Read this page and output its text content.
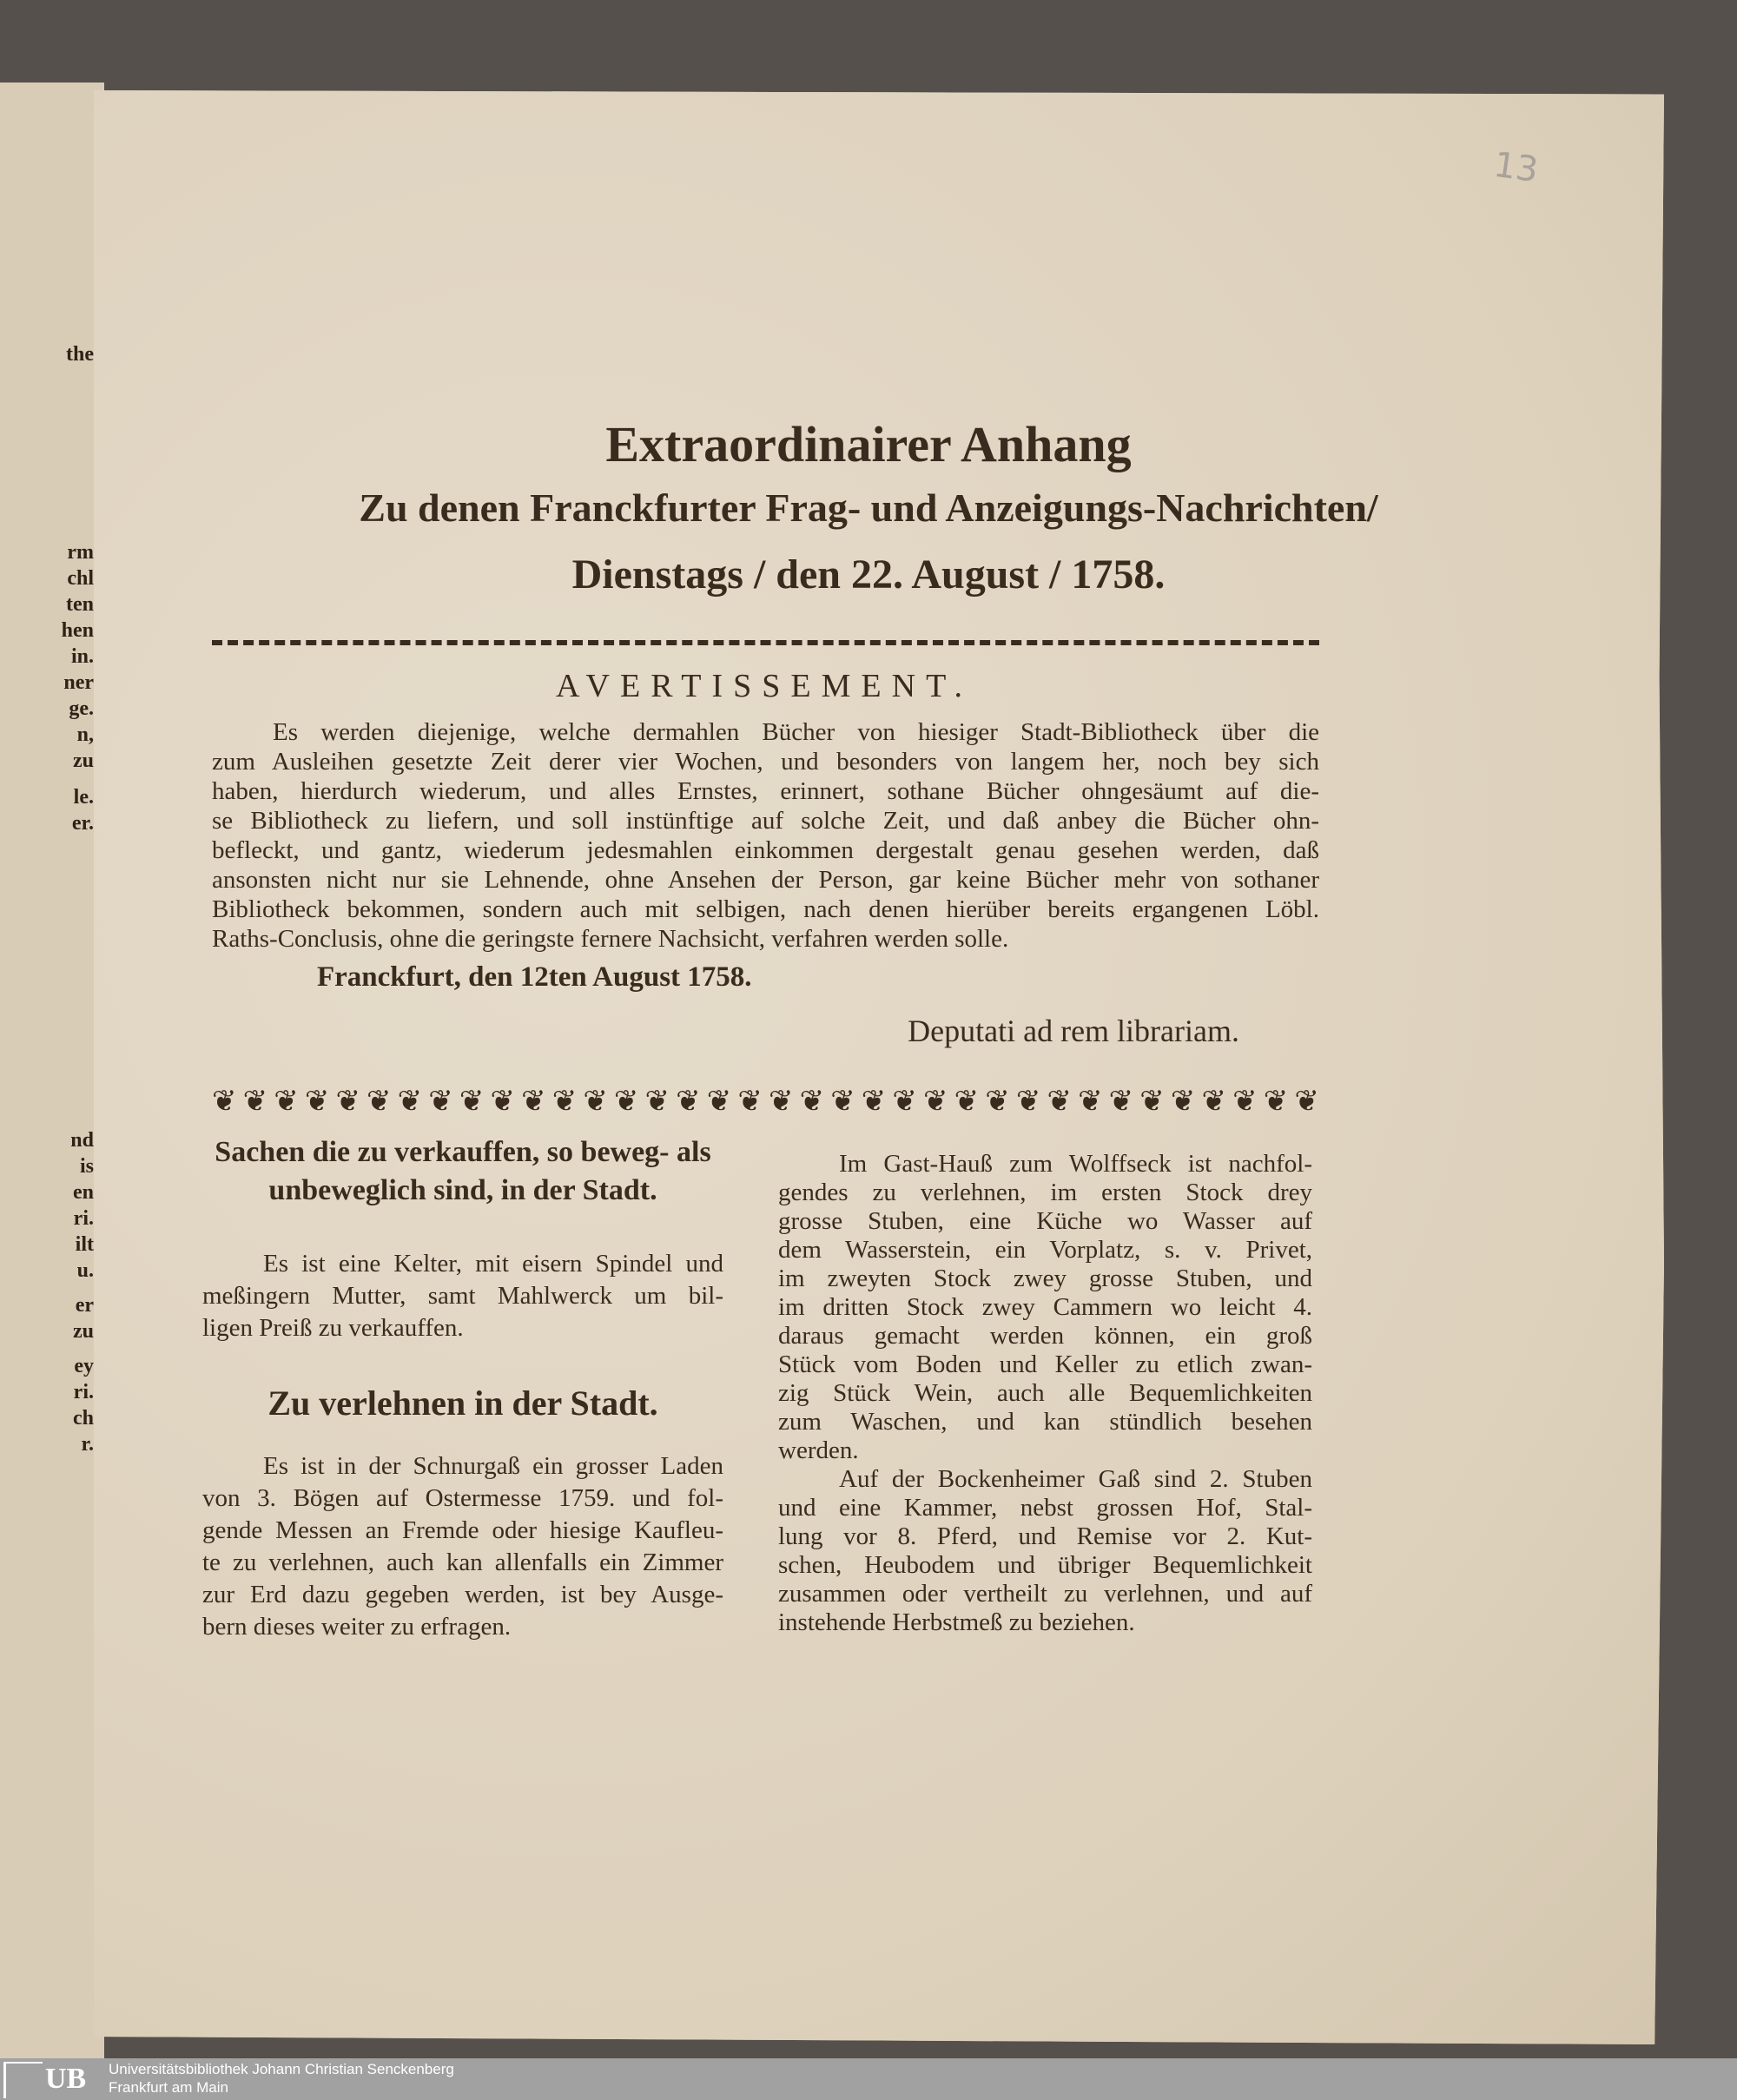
the
rm
chl
ten
hen
in.
ner
ge.
n,
zu
le.
er.
nd
is
en
ri.
ilt
u.
er
zu
ey
ri.
ch
r.
13
Extraordinairer Anhang
Zu denen Franckfurter Frag- und Anzeigungs-Nachrichten/
Dienstags / den 22. August / 1758.
AVERTISSEMENT.
Es werden diejenige, welche dermahlen Bücher von hiesiger Stadt-Bibliotheck über die
zum Ausleihen gesetzte Zeit derer vier Wochen, und besonders von langem her, noch bey sich
haben, hierdurch wiederum, und alles Ernstes, erinnert, sothane Bücher ohngesäumt auf die-
se Bibliotheck zu liefern, und soll instünftige auf solche Zeit, und daß anbey die Bücher ohn-
befleckt, und gantz, wiederum jedesmahlen einkommen dergestalt genau gesehen werden, daß
ansonsten nicht nur sie Lehnende, ohne Ansehen der Person, gar keine Bücher mehr von sothaner
Bibliotheck bekommen, sondern auch mit selbigen, nach denen hierüber bereits ergangenen Löbl.
Raths-Conclusis, ohne die geringste fernere Nachsicht, verfahren werden solle.
Franckfurt, den 12ten August 1758.
Deputati ad rem librariam.
❦ ❦ ❦ ❦ ❦ ❦ ❦ ❦ ❦ ❦ ❦ ❦ ❦ ❦ ❦ ❦ ❦ ❦ ❦ ❦ ❦ ❦ ❦ ❦ ❦ ❦ ❦ ❦ ❦ ❦ ❦ ❦ ❦ ❦ ❦ ❦
Sachen die zu verkauffen, so beweg- als
unbeweglich sind, in der Stadt.
Es ist eine Kelter, mit eisern Spindel und
meßingern Mutter, samt Mahlwerck um bil-
ligen Preiß zu verkauffen.
Zu verlehnen in der Stadt.
Es ist in der Schnurgaß ein grosser Laden
von 3. Bögen auf Ostermesse 1759. und fol-
gende Messen an Fremde oder hiesige Kaufleu-
te zu verlehnen, auch kan allenfalls ein Zimmer
zur Erd dazu gegeben werden, ist bey Ausge-
bern dieses weiter zu erfragen.
Im Gast-Hauß zum Wolffseck ist nachfol-
gendes zu verlehnen, im ersten Stock drey
grosse Stuben, eine Küche wo Wasser auf
dem Wasserstein, ein Vorplatz, s. v. Privet,
im zweyten Stock zwey grosse Stuben, und
im dritten Stock zwey Cammern wo leicht 4.
daraus gemacht werden können, ein groß
Stück vom Boden und Keller zu etlich zwan-
zig Stück Wein, auch alle Bequemlichkeiten
zum Waschen, und kan stündlich besehen
werden.
Auf der Bockenheimer Gaß sind 2. Stuben
und eine Kammer, nebst grossen Hof, Stal-
lung vor 8. Pferd, und Remise vor 2. Kut-
schen, Heubodem und übriger Bequemlichkeit
zusammen oder vertheilt zu verlehnen, und auf
instehende Herbstmeß zu beziehen.
UB Universitätsbibliothek Johann Christian Senckenberg
Frankfurt am Main
